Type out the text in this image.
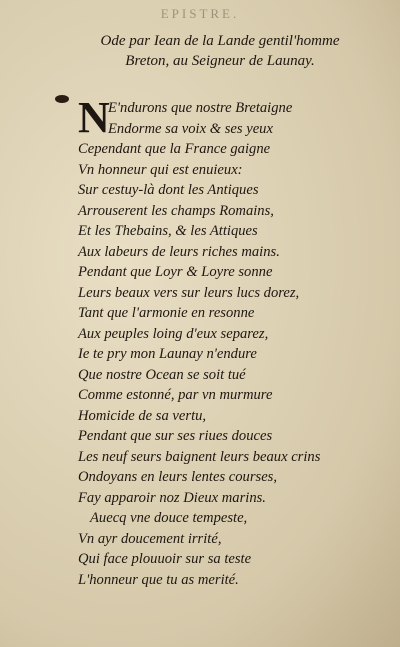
EPISTRE.
Ode par Iean de la Lande gentil'homme
Breton, au Seigneur de Launay.
N
E'ndurons que nostre Bretaigne
Endorme sa voix & ses yeux
Cependant que la France gaigne
Vn honneur qui est enuieux:
Sur cestuy-là dont les Antiques
Arrouserent les champs Romains,
Et les Thebains, & les Attiques
Aux labeurs de leurs riches mains.
Pendant que Loyr & Loyre sonne
Leurs beaux vers sur leurs lucs dorez,
Tant que l'armonie en resonne
Aux peuples loing d'eux separez,
Ie te pry mon Launay n'endure
Que nostre Ocean se soit tué
Comme estonné, par vn murmure
Homicide de sa vertu,
Pendant que sur ses riues douces
Les neuf seurs baignent leurs beaux crins
Ondoyans en leurs lentes courses,
Fay apparoir noz Dieux marins.
Auecq vne douce tempeste,
Vn ayr doucement irrité,
Qui face plouuoir sur sa teste
L'honneur que tu as merité.
